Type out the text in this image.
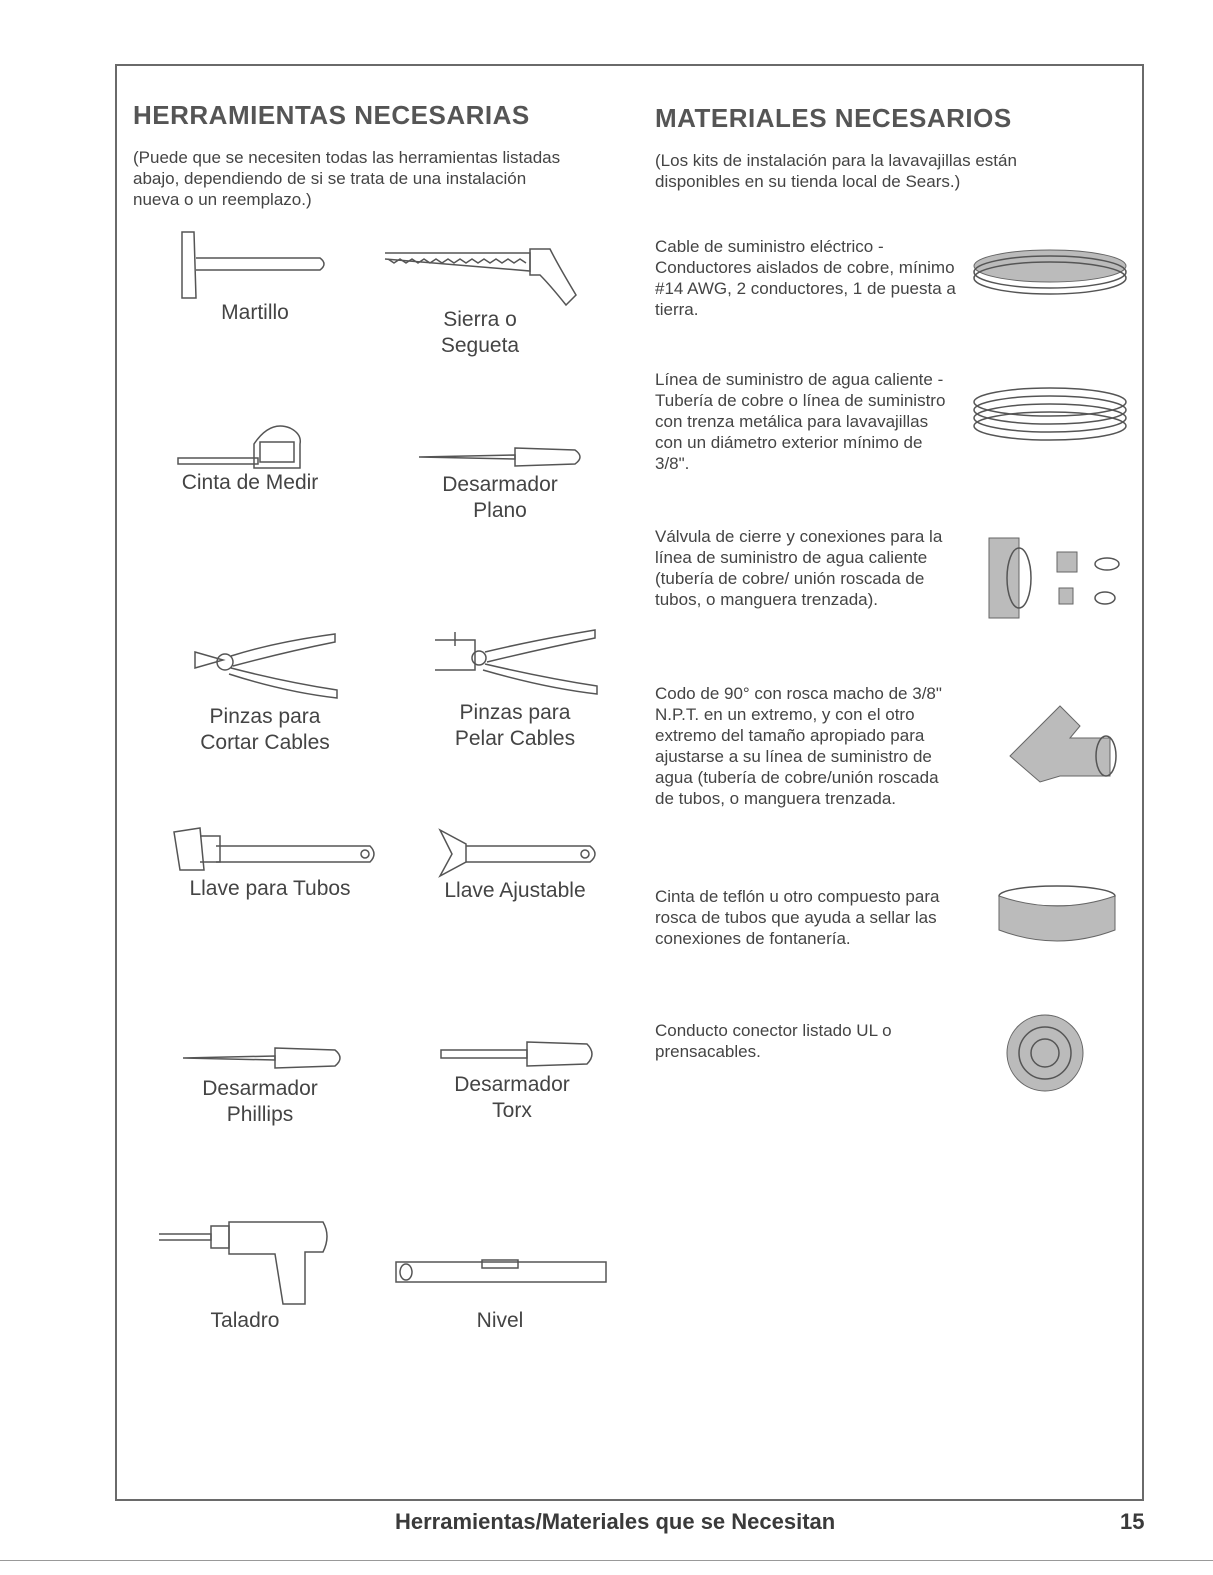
HERRAMIENTAS NECESARIAS
(Puede que se necesiten todas las herramientas listadas abajo, dependiendo de si se trata de una instalación nueva o un reemplazo.)
Martillo	Sierra o
Segueta
Cinta de Medir	Desarmador
Plano
Pinzas para
Cortar Cables
Pinzas para
Pelar Cables
Llave para Tubos	Llave Ajustable
Desarmador
Phillips
Desarmador
Torx
Taladro	Nivel
MATERIALES NECESARIOS
(Los kits de instalación para la lavavajillas están disponibles en su tienda local de Sears.)
Cable de suministro eléctrico - Conductores aislados de cobre, mínimo #14 AWG, 2 conductores, 1 de puesta a tierra.
Línea de suministro de agua caliente - Tubería de cobre o línea de suministro con trenza metálica para lavavajillas con un diámetro exterior mínimo de 3/8".
Válvula de cierre y conexiones para la línea de suministro de agua caliente (tubería de cobre/ unión roscada de tubos, o manguera trenzada).
Codo de 90° con rosca macho de 3/8" N.P.T. en un extremo, y con el otro extremo del tamaño apropiado para ajustarse a su línea de suministro de agua (tubería de cobre/unión roscada de tubos, o manguera trenzada.
Cinta de teflón u otro compuesto para rosca de tubos que ayuda a sellar las conexiones de fontanería.
Conducto conector listado UL o prensacables.
Herramientas/Materiales que se Necesitan	15
